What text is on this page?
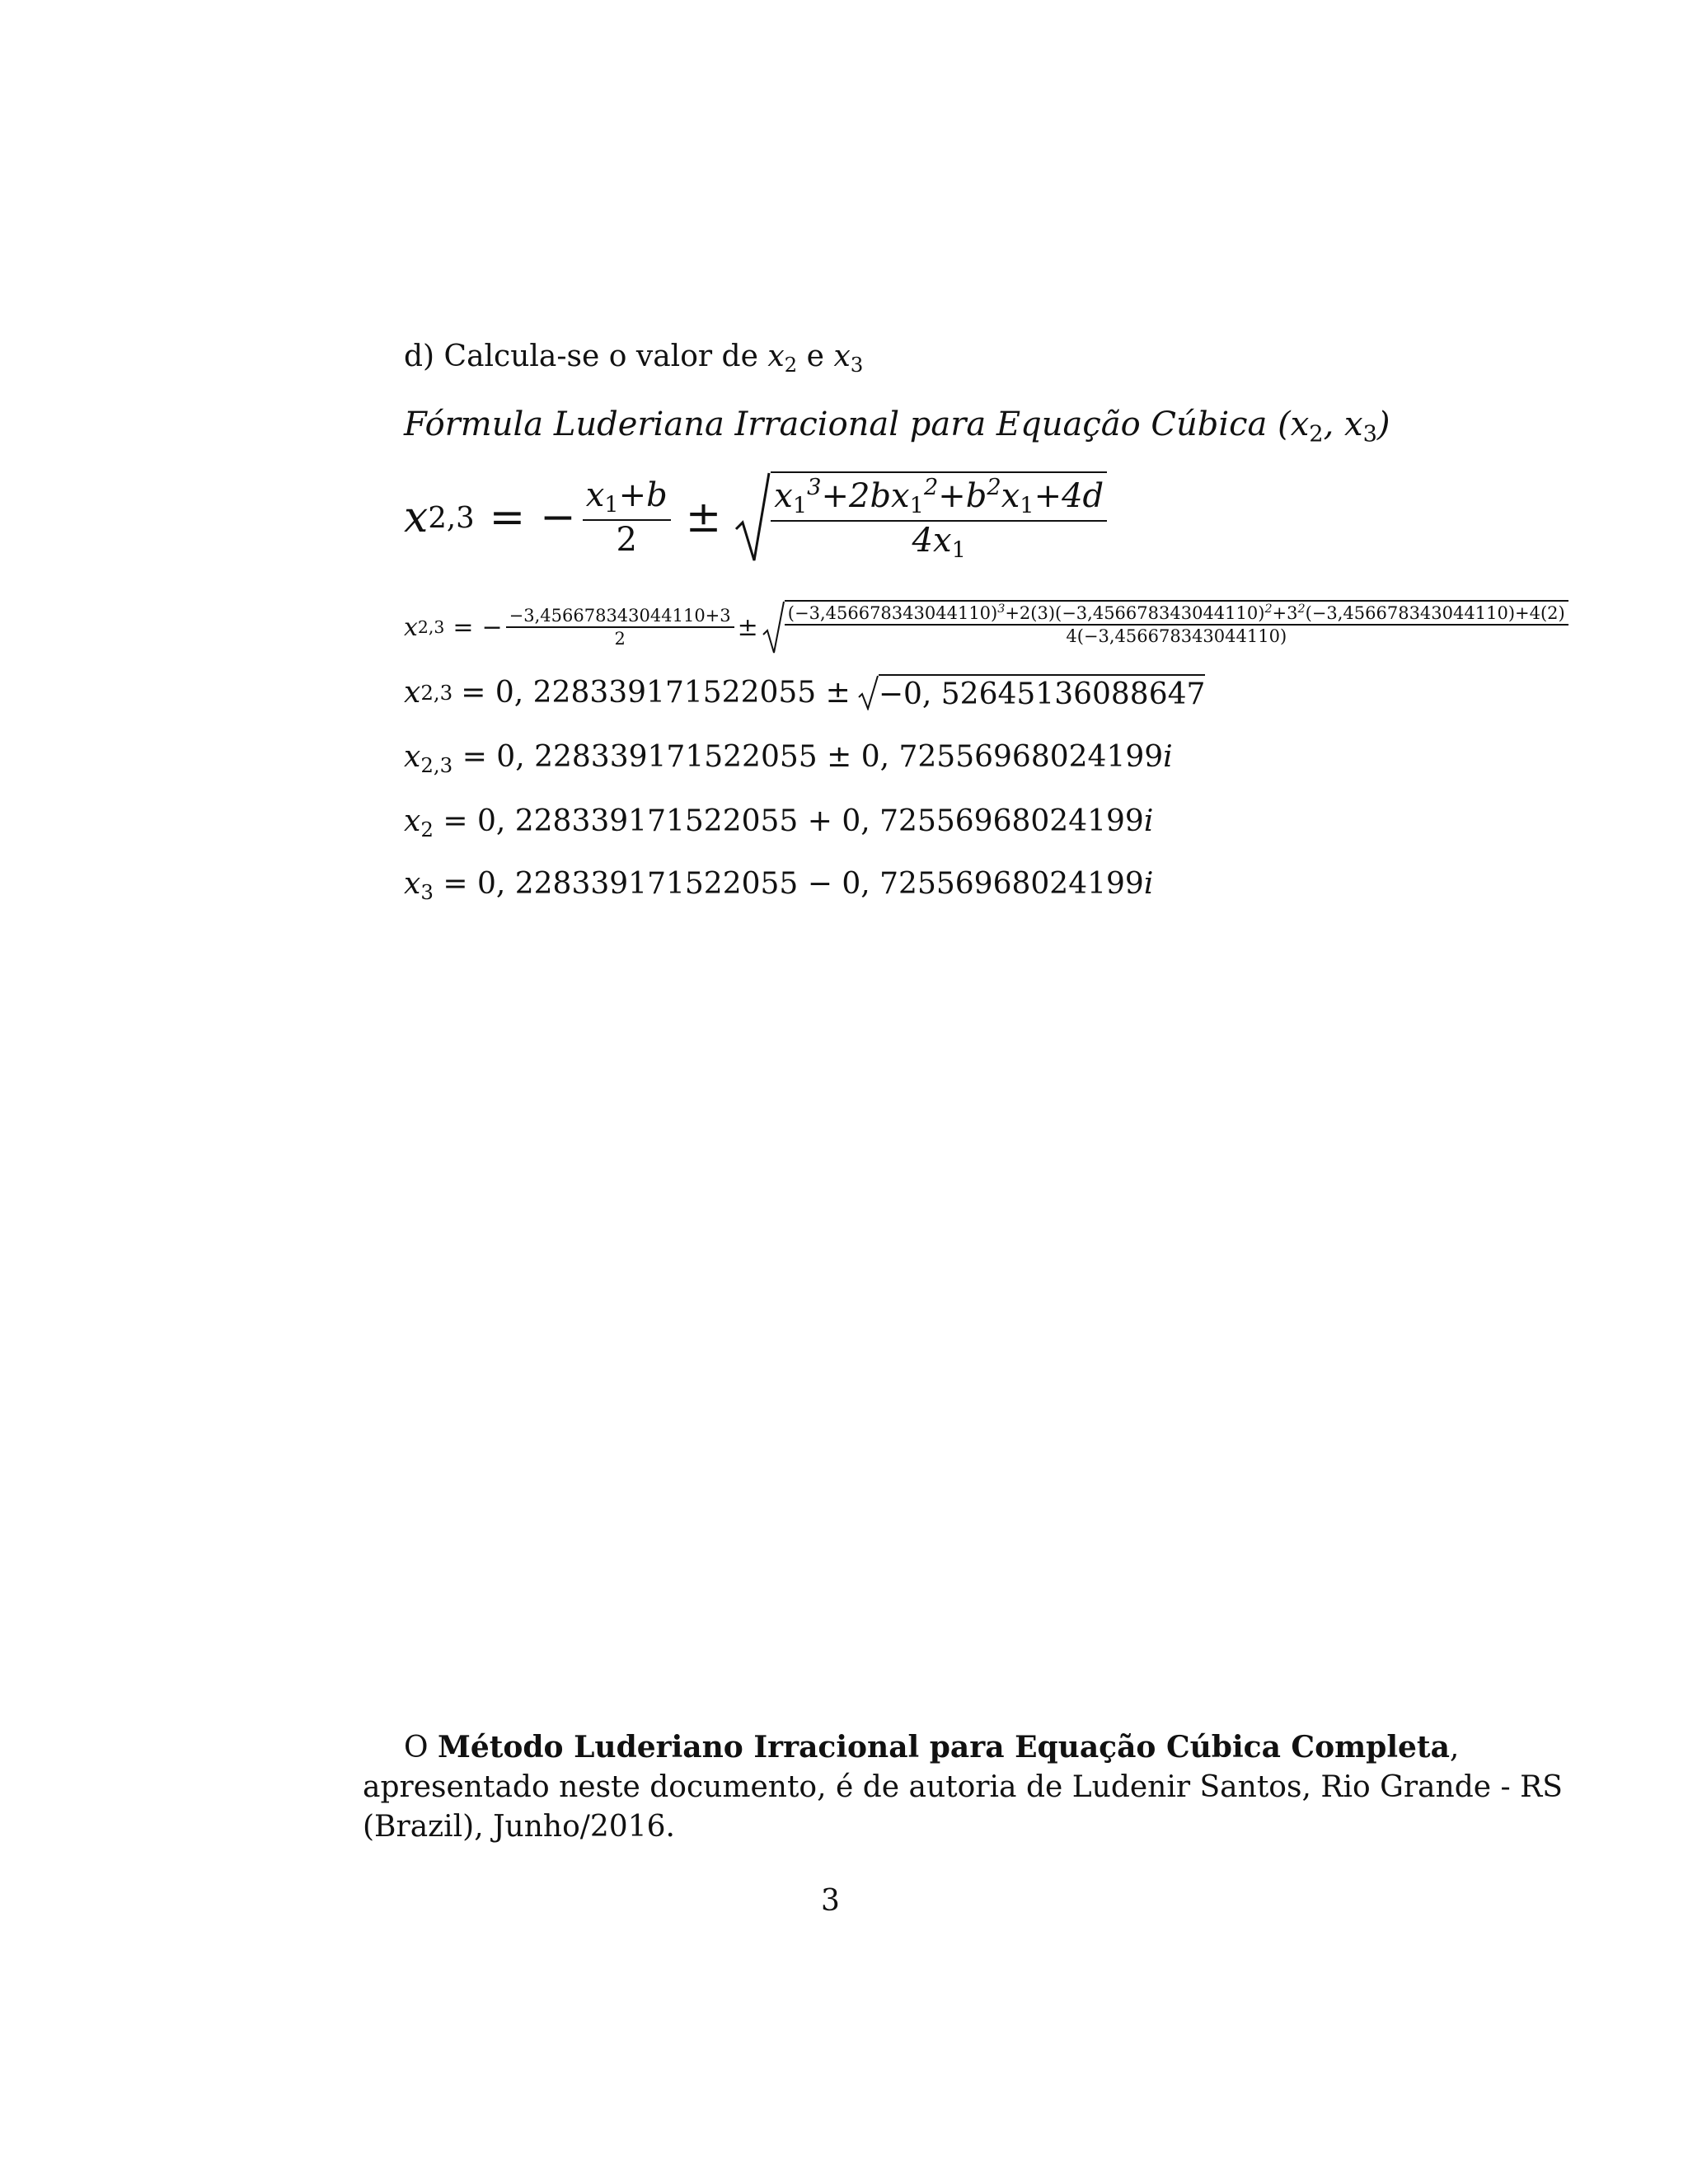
d) Calcula-se o valor de $x_2$ e $x_3$
Fórmula Luderiana Irracional para Equação Cúbica ($x_2$, $x_3$)
x 2,3 = − $\frac{x_1+b}{2} \pm \frac{x_1^3+2bx_1^2+b^2x_1+4d}{4x_1}$
x 2,3 = − $\frac{-3,456678343044110+3}{2} \pm (-3,456678343044110)^3+2(3)(-3,456678343044110)^2+3^2(-3,456678343044110)+4(2)$
4(−3,456678343044110)
x 2,3 = 0, 228339171522055 ± −0, 52645136088647
$x_{2,3} = 0$, 228339171522055 ± 0, 72556968024199i
$x_2 = 0$, 228339171522055 + 0, 72556968024199i
$x_3 = 0$, 228339171522055 − 0, 72556968024199i
O Método Luderiano Irracional para Equação Cúbica Completa,
apresentado neste documento, é de autoria de Ludenir Santos, Rio Grande - RS
(Brazil), Junho/2016.
3
